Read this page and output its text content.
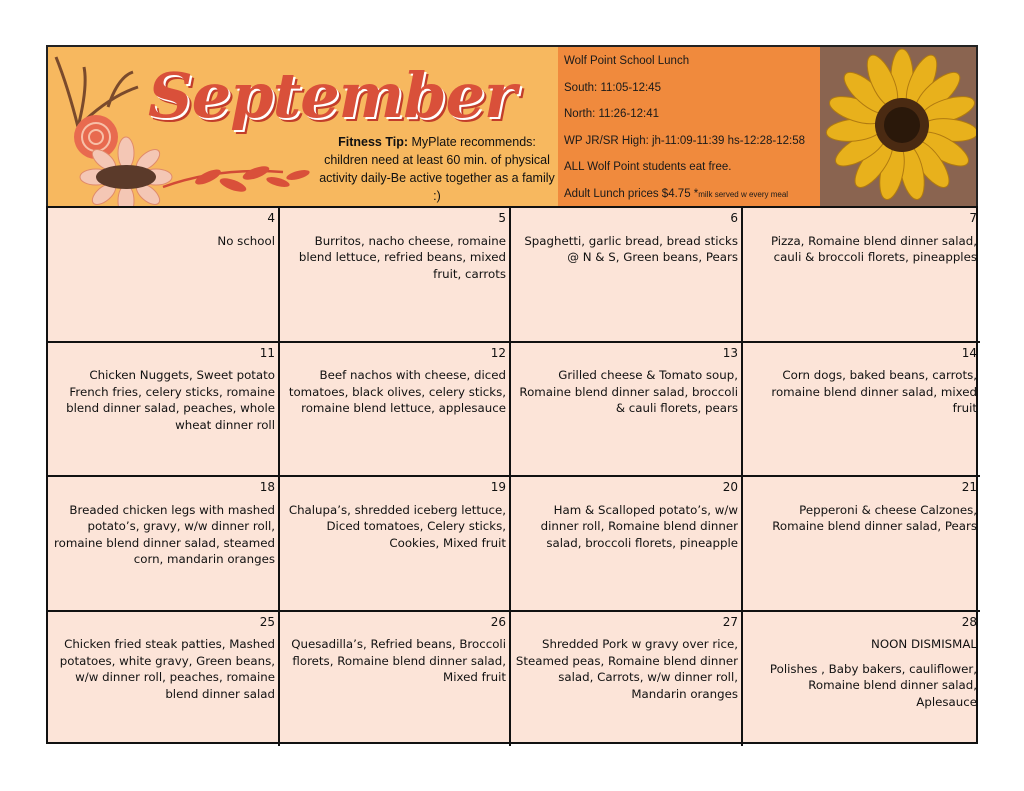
September
Fitness Tip: MyPlate recommends: children need at least 60 min. of physical activity daily-Be active together as a family :)
Wolf Point School Lunch
South: 11:05-12:45
North: 11:26-12:41
WP JR/SR High: jh-11:09-11:39 hs-12:28-12:58
ALL Wolf Point students eat free.
Adult Lunch prices $4.75 *milk served w every meal
4
No school
5
Burritos, nacho cheese, romaine blend lettuce, refried beans, mixed fruit, carrots
6
Spaghetti, garlic bread, bread sticks @ N & S, Green beans, Pears
7
Pizza, Romaine blend dinner salad, cauli & broccoli florets, pineapples
11
Chicken Nuggets, Sweet potato French fries, celery sticks, romaine blend dinner salad, peaches, whole wheat dinner roll
12
Beef nachos with cheese, diced tomatoes, black olives, celery sticks, romaine blend lettuce, applesauce
13
Grilled cheese & Tomato soup, Romaine blend dinner salad, broccoli & cauli florets, pears
14
Corn dogs, baked beans, carrots, romaine blend dinner salad, mixed fruit
18
Breaded chicken legs with mashed potato’s, gravy, w/w dinner roll, romaine blend dinner salad, steamed corn, mandarin oranges
19
Chalupa’s, shredded iceberg lettuce, Diced tomatoes, Celery sticks, Cookies, Mixed fruit
20
Ham & Scalloped potato’s, w/w dinner roll, Romaine blend dinner salad, broccoli florets, pineapple
21
Pepperoni & cheese Calzones, Romaine blend dinner salad, Pears
25
Chicken fried steak patties, Mashed potatoes, white gravy, Green beans, w/w dinner roll, peaches, romaine blend dinner salad
26
Quesadilla’s, Refried beans, Broccoli florets, Romaine blend dinner salad, Mixed fruit
27
Shredded Pork w gravy over rice, Steamed peas, Romaine blend dinner salad, Carrots, w/w dinner roll, Mandarin oranges
28
NOON DISMISMAL
Polishes , Baby bakers, cauliflower, Romaine blend dinner salad, Aplesauce
